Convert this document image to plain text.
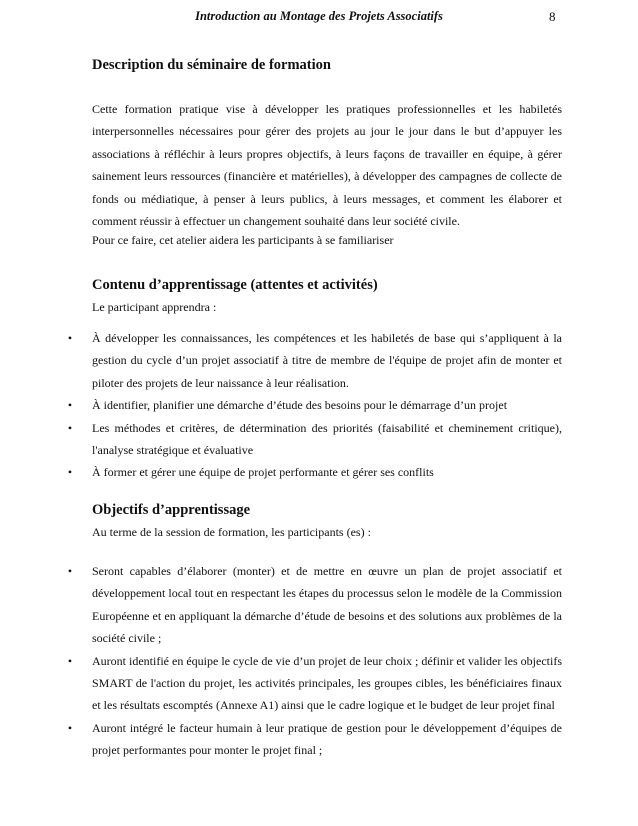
Introduction au Montage des Projets Associatifs	8
Description du séminaire de formation
Cette formation pratique vise à développer les pratiques professionnelles et les habiletés interpersonnelles nécessaires pour gérer des projets au jour le jour dans le but d’appuyer les associations à réfléchir à leurs propres objectifs, à leurs façons de travailler en équipe, à gérer sainement leurs ressources (financière et matérielles), à développer des campagnes de collecte de fonds ou médiatique, à penser à leurs publics, à leurs messages, et comment les élaborer et comment réussir à effectuer un changement souhaité dans leur société civile.
Pour ce faire, cet atelier aidera les participants à se familiariser
Contenu d’apprentissage (attentes et activités)
Le participant apprendra :
•	À développer les connaissances, les compétences et les habiletés de base qui s’appliquent à la gestion du cycle d’un projet associatif à titre de membre de l'équipe de projet afin de monter et piloter des projets de leur naissance à leur réalisation.
•	À identifier, planifier une démarche d’étude des besoins pour le démarrage d’un projet
•	Les méthodes et critères, de détermination des priorités (faisabilité et cheminement critique), l'analyse stratégique et évaluative
•	À former et gérer une équipe de projet performante et gérer ses conflits
Objectifs d’apprentissage
Au terme de la session de formation, les participants (es) :
•	Seront capables d’élaborer (monter) et de mettre en œuvre un plan de projet associatif et développement local tout en respectant les étapes du processus selon le modèle de la Commission Européenne et en appliquant la démarche d’étude de besoins et des solutions aux problèmes de la société civile ;
•	Auront identifié en équipe le cycle de vie d’un projet de leur choix ; définir et valider les objectifs SMART de l'action du projet, les activités principales, les groupes cibles, les bénéficiaires finaux et les résultats escomptés (Annexe A1) ainsi que le cadre logique et le budget de leur projet final
•	Auront intégré le facteur humain à leur pratique de gestion pour le développement d’équipes de projet performantes pour monter le projet final ;
